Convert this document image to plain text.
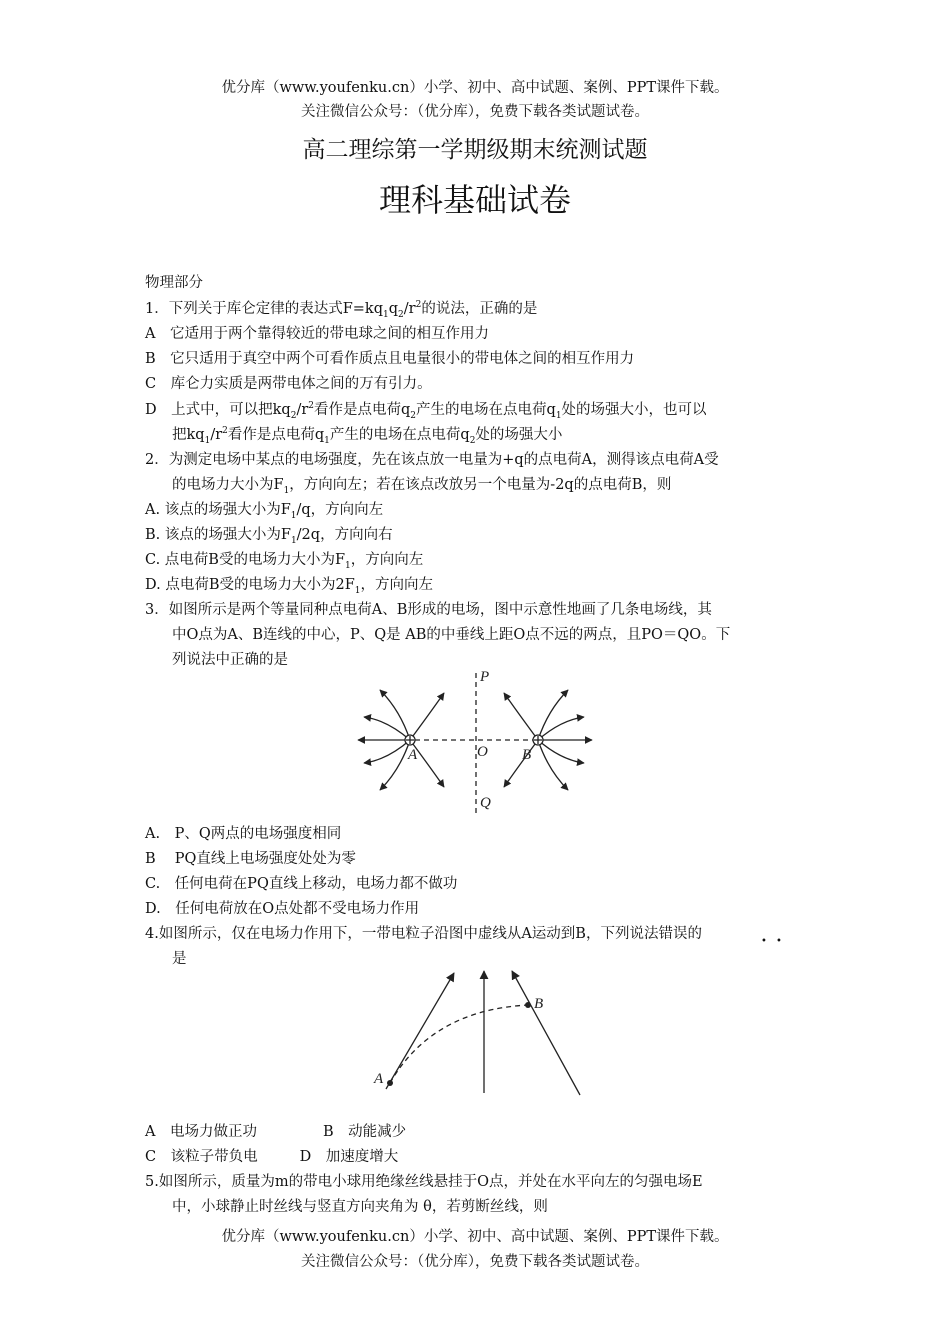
优分库（www.youfenku.cn）小学、初中、高中试题、案例、PPT课件下载。
关注微信公众号：（优分库），免费下载各类试题试卷。
高二理综第一学期级期末统测试题
理科基础试卷
物理部分
1．下列关于库仑定律的表达式$F=kq_1q_2/r^2$的说法，正确的是
A　它适用于两个靠得较近的带电球之间的相互作用力
B　它只适用于真空中两个可看作质点且电量很小的带电体之间的相互作用力
C　库仑力实质是两带电体之间的万有引力。
D　上式中，可以把$kq_2/r^2$看作是点电荷$q_2$产生的电场在点电荷$q_1$处的场强大小，也可以
把$kq_1/r^2$看作是点电荷$q_1$产生的电场在点电荷$q_2$处的场强大小
2．为测定电场中某点的电场强度，先在该点放一电量为+q的点电荷A，测得该点电荷A受
的电场力大小为$F_1$，方向向左；若在该点改放另一个电量为-2q的点电荷B，则
A. 该点的场强大小为$F_1/q$，方向向左
B. 该点的场强大小为$F_1/2q$，方向向右
C. 点电荷B受的电场力大小为$F_1$，方向向左
D. 点电荷B受的电场力大小为$2F_1$，方向向左
3．如图所示是两个等量同种点电荷A、B形成的电场，图中示意性地画了几条电场线，其
中O点为A、B连线的中心，P、Q是 AB的中垂线上距O点不远的两点，且PO＝QO。下
列说法中正确的是
P
O
Q
A	B
A.　P、Q两点的电场强度相同
B　 PQ直线上电场强度处处为零
C.　任何电荷在PQ直线上移动，电场力都不做功
D.　任何电荷放在O点处都不受电场力作用
4.如图所示，仅在电场力作用下，一带电粒子沿图中虚线从A运动到B，下列说法错误的	• •
是
A
B
A　电场力做正功	B　动能减少
C　该粒子带负电	D　加速度增大
5.如图所示，质量为m的带电小球用绝缘丝线悬挂于O点，并处在水平向左的匀强电场E
中，小球静止时丝线与竖直方向夹角为 θ，若剪断丝线，则
优分库（www.youfenku.cn）小学、初中、高中试题、案例、PPT课件下载。
关注微信公众号：（优分库），免费下载各类试题试卷。
